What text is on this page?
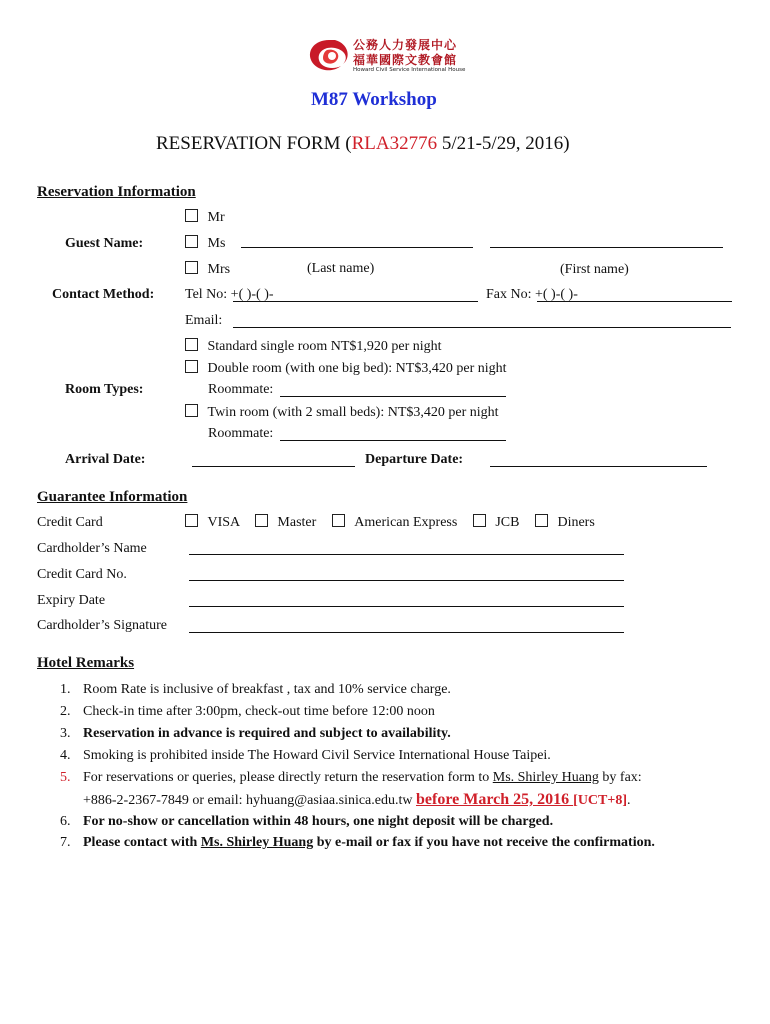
公務人力發展中心
福華國際文教會館
Howard Civil Service International House
M87 Workshop
RESERVATION FORM (RLA32776 5/21-5/29, 2016)
Reservation Information
Mr
Guest Name:	Ms
Mrs	(Last name)	(First name)
Contact Method: Tel No: +( )-( )-	Fax No: +( )-( )-
Email:
Standard single room NT$1,920 per night
Double room (with one big bed): NT$3,420 per night
Room Types:	Roommate:
Twin room (with 2 small beds): NT$3,420 per night
Roommate:
Arrival Date:	Departure Date:
Guarantee Information
Credit Card	VISA	Master	American Express	JCB	Diners
Cardholder’s Name
Credit Card No.
Expiry Date
Cardholder’s Signature
Hotel Remarks
1. Room Rate is inclusive of breakfast , tax and 10% service charge.
2. Check-in time after 3:00pm, check-out time before 12:00 noon
3. Reservation in advance is required and subject to availability.
4. Smoking is prohibited inside The Howard Civil Service International House Taipei.
5. For reservations or queries, please directly return the reservation form to Ms. Shirley Huang by fax:
+886-2-2367-7849 or email: hyhuang@asiaa.sinica.edu.tw before March 25, 2016 [UCT+8].
6. For no-show or cancellation within 48 hours, one night deposit will be charged.
7. Please contact with Ms. Shirley Huang by e-mail or fax if you have not receive the confirmation.
